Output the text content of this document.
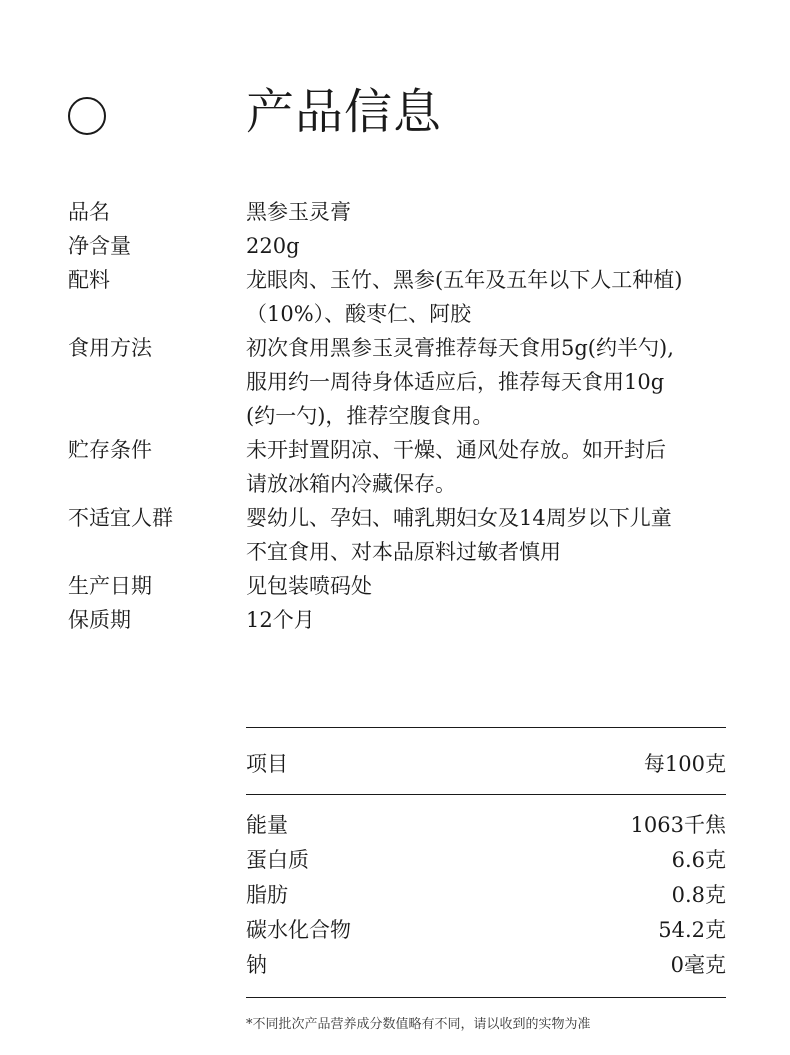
产品信息
品名	黑参玉灵膏
净含量	220g
配料	龙眼肉、玉竹、黑参(五年及五年以下人工种植)
（10%）、酸枣仁、阿胶
食用方法	初次食用黑参玉灵膏推荐每天食用5g(约半勺),
服用约一周待身体适应后，推荐每天食用10g
(约一勺)，推荐空腹食用。
贮存条件	未开封置阴凉、干燥、通风处存放。如开封后
请放冰箱内冷藏保存。
不适宜人群	婴幼儿、孕妇、哺乳期妇女及14周岁以下儿童
不宜食用、对本品原料过敏者慎用
生产日期	见包装喷码处
保质期	12个月
项目	每100克
能量	1063千焦
蛋白质	6.6克
脂肪	0.8克
碳水化合物	54.2克
钠	0毫克
*不同批次产品营养成分数值略有不同，请以收到的实物为准
